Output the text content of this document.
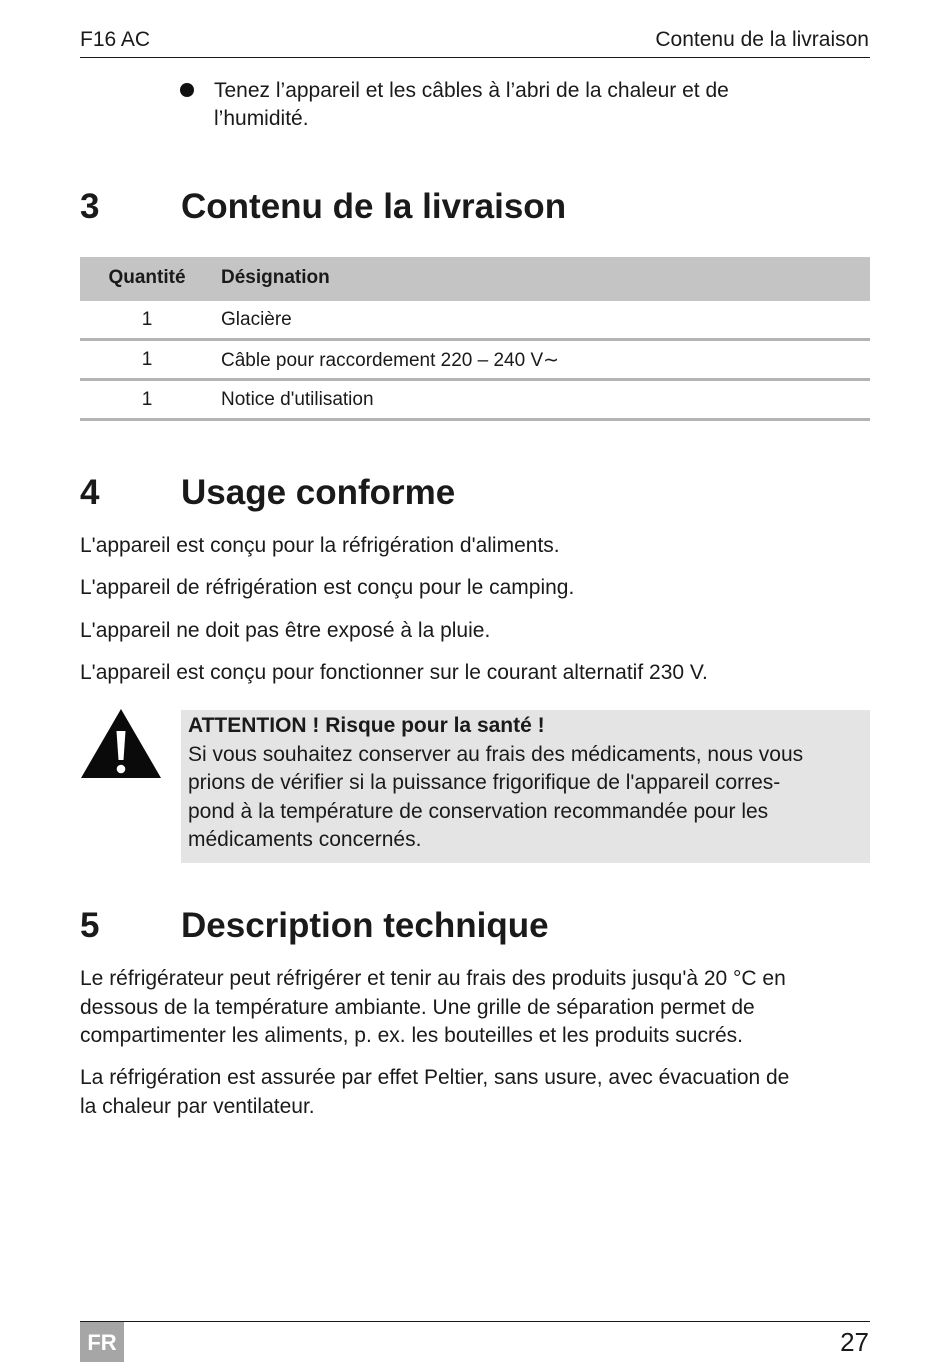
F16 AC	Contenu de la livraison
Tenez l’appareil et les câbles à l’abri de la chaleur et de
l’humidité.
3 Contenu de la livraison
Quantité	Désignation
1	Glacière
1	Câble pour raccordement 220 – 240 V∼
1	Notice d'utilisation
4 Usage conforme
L'appareil est conçu pour la réfrigération d'aliments.
L'appareil de réfrigération est conçu pour le camping.
L'appareil ne doit pas être exposé à la pluie.
L'appareil est conçu pour fonctionner sur le courant alternatif 230 V.
ATTENTION ! Risque pour la santé !
Si vous souhaitez conserver au frais des médicaments, nous vous
prions de vérifier si la puissance frigorifique de l'appareil corres-
pond à la température de conservation recommandée pour les
médicaments concernés.
5 Description technique
Le réfrigérateur peut réfrigérer et tenir au frais des produits jusqu'à 20 °C en
dessous de la température ambiante. Une grille de séparation permet de
compartimenter les aliments, p. ex. les bouteilles et les produits sucrés.
La réfrigération est assurée par effet Peltier, sans usure, avec évacuation de
la chaleur par ventilateur.
FR	27
